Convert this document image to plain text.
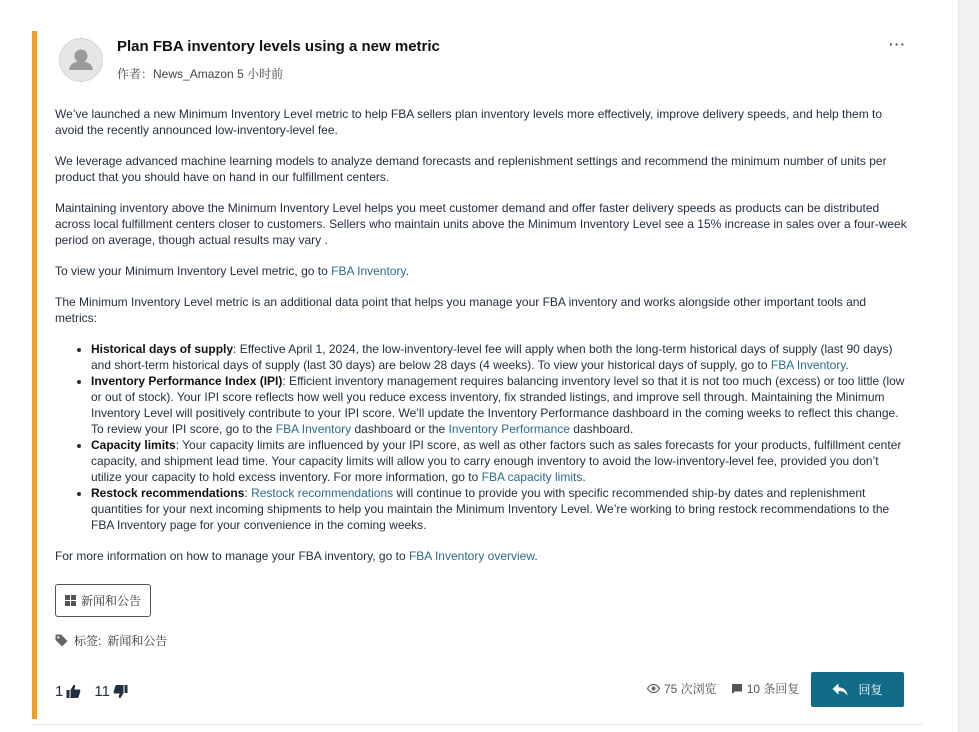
Plan FBA inventory levels using a new metric
作者：News_Amazon 5 小时前
···

We’ve launched a new Minimum Inventory Level metric to help FBA sellers plan inventory levels more effectively, improve delivery speeds, and help them to avoid the recently announced low-inventory-level fee.

We leverage advanced machine learning models to analyze demand forecasts and replenishment settings and recommend the minimum number of units per product that you should have on hand in our fulfillment centers.

Maintaining inventory above the Minimum Inventory Level helps you meet customer demand and offer faster delivery speeds as products can be distributed across local fulfillment centers closer to customers. Sellers who maintain units above the Minimum Inventory Level see a 15% increase in sales over a four-week period on average, though actual results may vary .

To view your Minimum Inventory Level metric, go to FBA Inventory.

The Minimum Inventory Level metric is an additional data point that helps you manage your FBA inventory and works alongside other important tools and metrics:

• Historical days of supply: Effective April 1, 2024, the low-inventory-level fee will apply when both the long-term historical days of supply (last 90 days) and short-term historical days of supply (last 30 days) are below 28 days (4 weeks). To view your historical days of supply, go to FBA Inventory.
• Inventory Performance Index (IPI): Efficient inventory management requires balancing inventory level so that it is not too much (excess) or too little (low or out of stock). Your IPI score reflects how well you reduce excess inventory, fix stranded listings, and improve sell through. Maintaining the Minimum Inventory Level will positively contribute to your IPI score. We’ll update the Inventory Performance dashboard in the coming weeks to reflect this change. To review your IPI score, go to the FBA Inventory dashboard or the Inventory Performance dashboard.
• Capacity limits: Your capacity limits are influenced by your IPI score, as well as other factors such as sales forecasts for your products, fulfillment center capacity, and shipment lead time. Your capacity limits will allow you to carry enough inventory to avoid the low-inventory-level fee, provided you don’t utilize your capacity to hold excess inventory. For more information, go to FBA capacity limits.
• Restock recommendations: Restock recommendations will continue to provide you with specific recommended ship-by dates and replenishment quantities for your next incoming shipments to help you maintain the Minimum Inventory Level. We’re working to bring restock recommendations to the FBA Inventory page for your convenience in the coming weeks.

For more information on how to manage your FBA inventory, go to FBA Inventory overview.

新闻和公告
标签: 新闻和公告
1 11	75 次浏览	10 条回复	回复
